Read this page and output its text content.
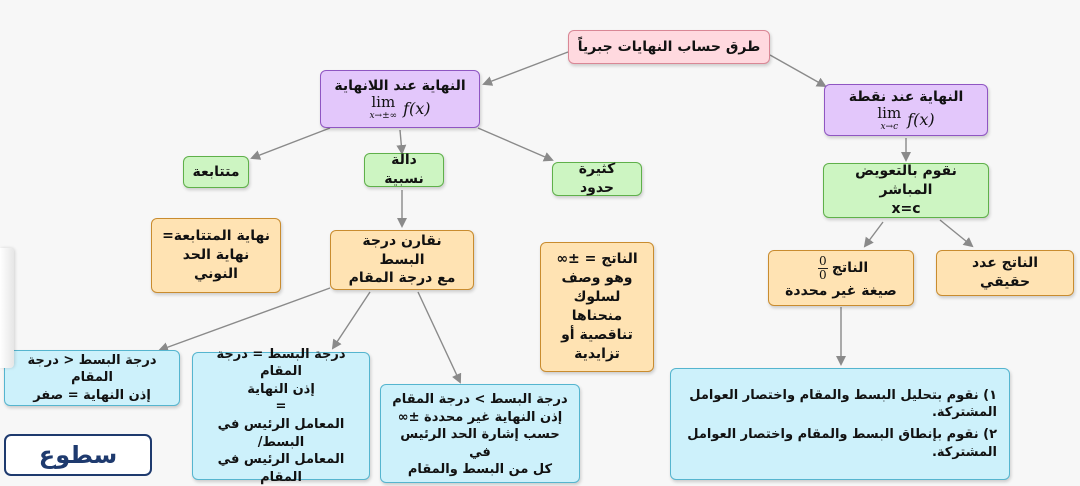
طرق حساب النهايات جبرياً
النهاية عند اللانهاية
lim
x→±∞ f(x)
النهاية عند نقطة
lim
x→c f(x)
متتابعة
دالة نسبية
كثيرة حدود
نقوم بالتعويض المباشر
x=c
نهاية المتتابعة=
نهاية الحد النوني
نقارن درجة البسط
مع درجة المقام
الناتج = ±∞
وهو وصف
لسلوك منحناها
تناقصية أو
تزايدية
الناتج
$\frac{0}{0}$
صيغة غير محددة
الناتج عدد حقيقي
درجة البسط < درجة المقام
إذن النهاية = صفر
درجة البسط = درجة المقام
إذن النهاية
=
المعامل الرئيس في البسط/
المعامل الرئيس في المقام
درجة البسط > درجة المقام
إذن النهاية غير محددة ±∞
حسب إشارة الحد الرئيس في
كل من البسط والمقام
١) نقوم بتحليل البسط والمقام واختصار العوامل المشتركة.
٢) نقوم بإنطاق البسط والمقام واختصار العوامل المشتركة.
سطوع
